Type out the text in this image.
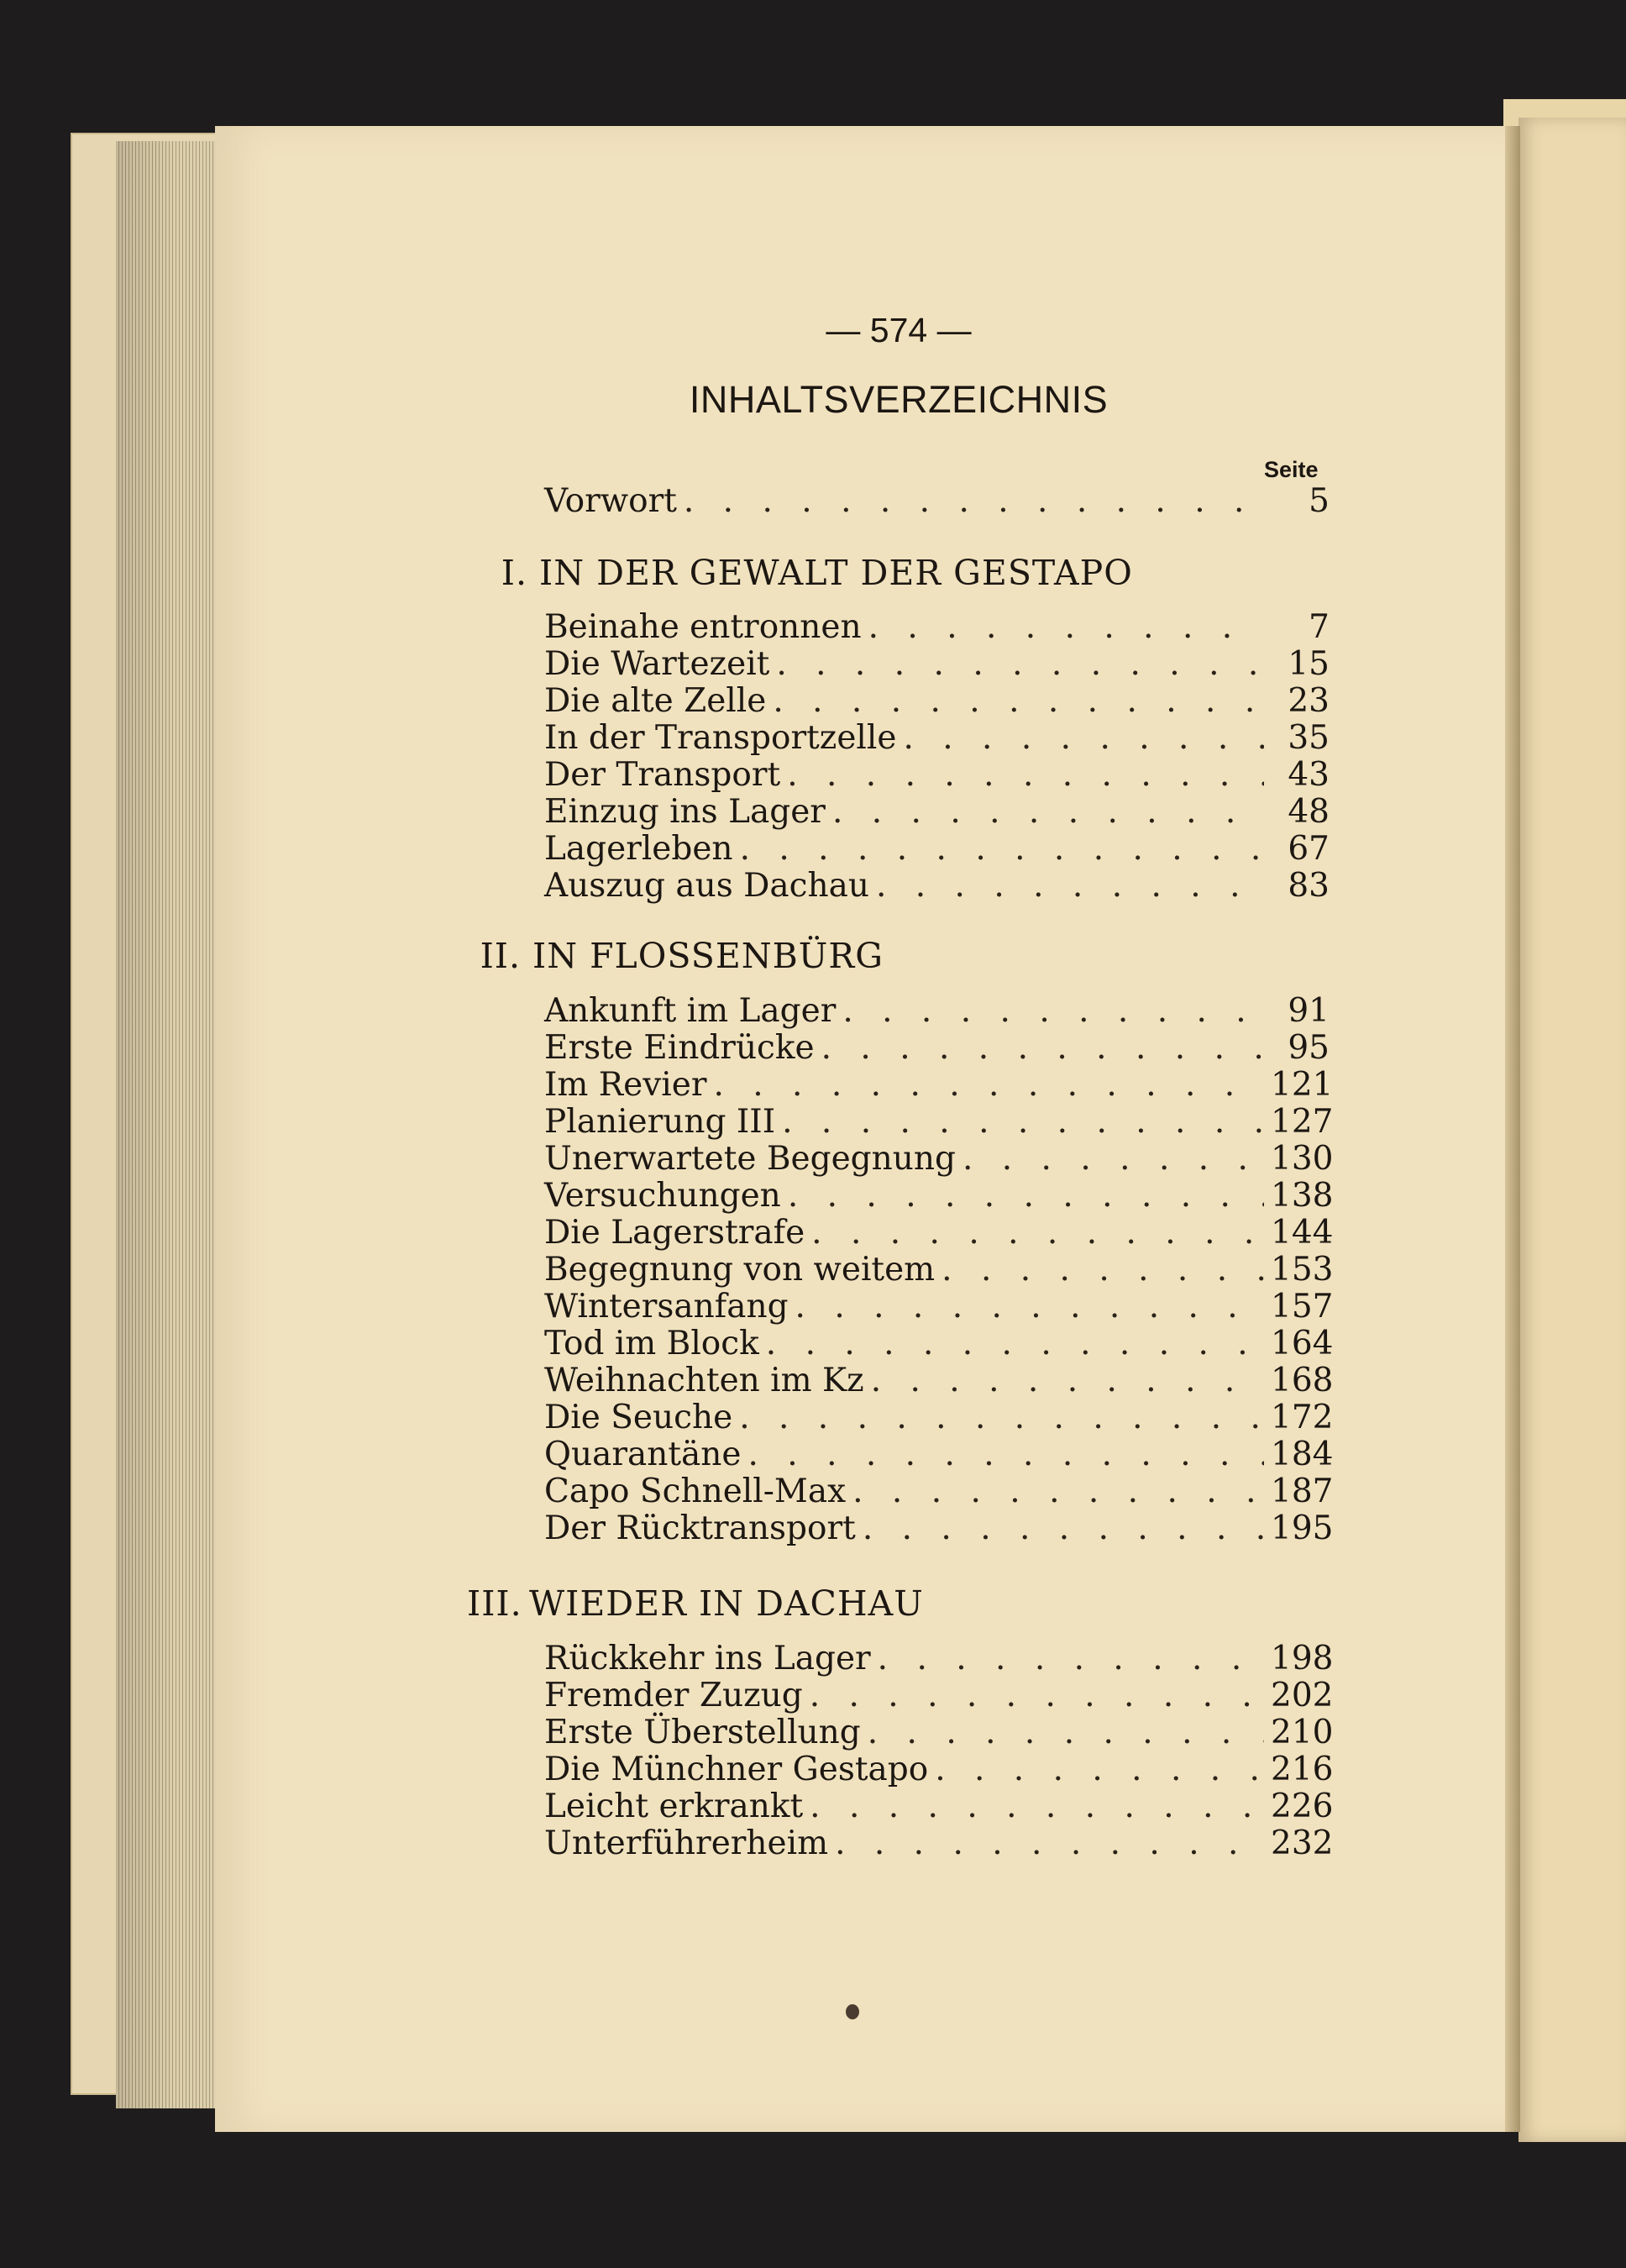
— 574 —
INHALTSVERZEICHNIS
Seite
Vorwort . . .	5
I. IN DER GEWALT DER GESTAPO
Beinahe entronnen . . .	7
Die Wartezeit . . .	15
Die alte Zelle . . .	23
In der Transportzelle . . .	35
Der Transport . . .	43
Einzug ins Lager . . .	48
Lagerleben . . .	67
Auszug aus Dachau . . .	83
II. IN FLOSSENBÜRG
Ankunft im Lager . . .	91
Erste Eindrücke . . .	95
Im Revier . . .	121
Planierung III . . .	127
Unerwartete Begegnung . . .	130
Versuchungen . . .	138
Die Lagerstrafe . . .	144
Begegnung von weitem . . .	153
Wintersanfang . . .	157
Tod im Block . . .	164
Weihnachten im Kz . . .	168
Die Seuche . . .	172
Quarantäne . . .	184
Capo Schnell-Max . . .	187
Der Rücktransport . . .	195
III. WIEDER IN DACHAU
Rückkehr ins Lager . . .	198
Fremder Zuzug . . .	202
Erste Überstellung . . .	210
Die Münchner Gestapo . . .	216
Leicht erkrankt . . .	226
Unterführerheim . . .	232
